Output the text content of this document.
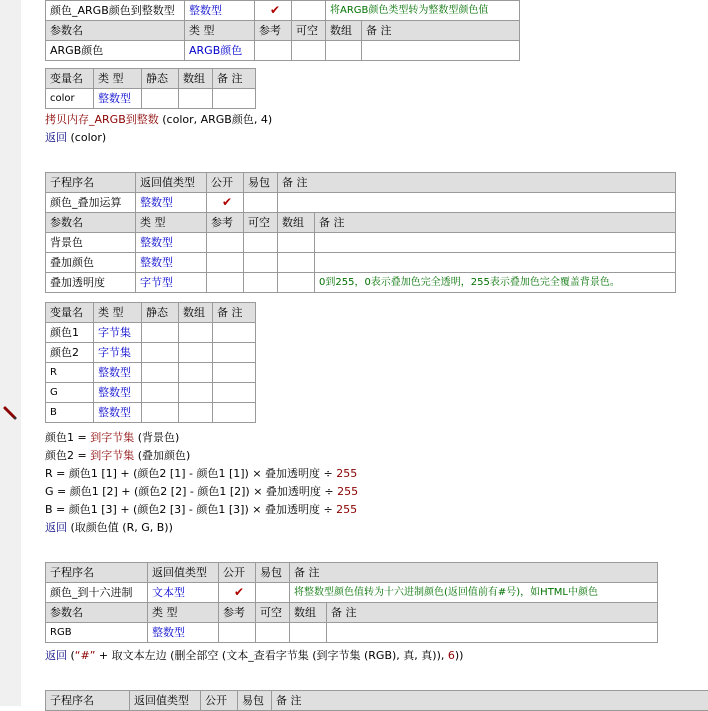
颜色_ARGB颜色到整数型	整数型	✔		将ARGB颜色类型转为整数型颜色值	
参数名	类 型	参考	可空	数组	备 注
ARGB颜色	ARGB颜色				
变量名	类 型	静态	数组	备 注
color	整数型			
拷贝内存_ARGB到整数 (color, ARGB颜色, 4)
返回 (color)
子程序名	返回值类型	公开	易包	备 注	
颜色_叠加运算	整数型	✔			
参数名	类 型	参考	可空	数组	备 注
背景色	整数型				
叠加颜色	整数型				
叠加透明度	字节型				0到255，0表示叠加色完全透明，255表示叠加色完全覆盖背景色。
变量名	类 型	静态	数组	备 注
颜色1	字节集			
颜色2	字节集			
R	整数型			
G	整数型			
B	整数型			
颜色1 = 到字节集 (背景色)
颜色2 = 到字节集 (叠加颜色)
R = 颜色1 [1] + (颜色2 [1] - 颜色1 [1]) × 叠加透明度 ÷ 255
G = 颜色1 [2] + (颜色2 [2] - 颜色1 [2]) × 叠加透明度 ÷ 255
B = 颜色1 [3] + (颜色2 [3] - 颜色1 [3]) × 叠加透明度 ÷ 255
返回 (取颜色值 (R, G, B))
子程序名	返回值类型	公开	易包	备 注	
颜色_到十六进制	文本型	✔		将整数型颜色值转为十六进制颜色(返回值前有#号)，如HTML中颜色	
参数名	类 型	参考	可空	数组	备 注
RGB	整数型				
返回 (“#” + 取文本左边 (删全部空 (文本_查看字节集 (到字节集 (RGB), 真, 真)), 6))
子程序名	返回值类型	公开	易包	备 注
